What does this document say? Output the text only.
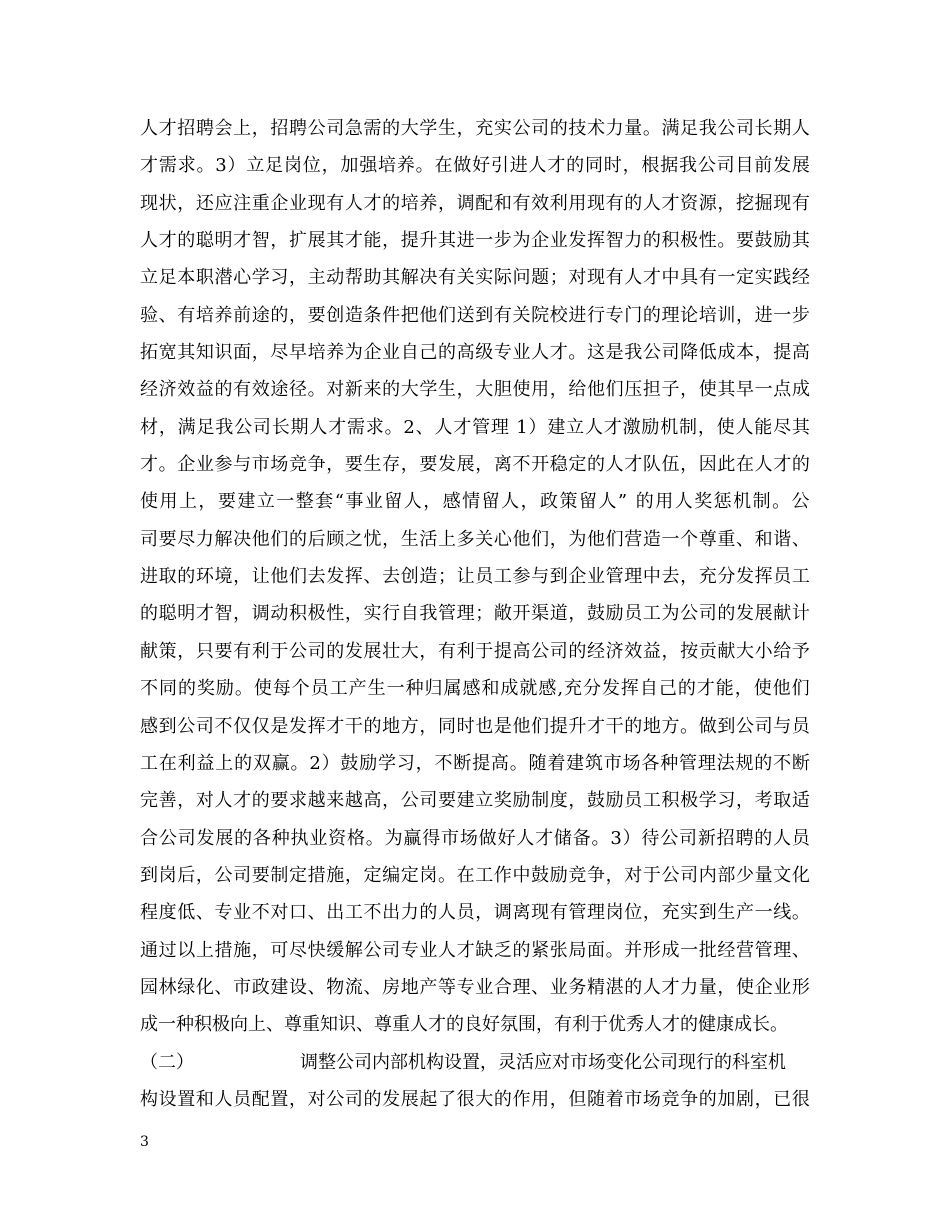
人 才 招 聘 会 上 ， 招 聘 公 司 急 需 的 大 学 生 ， 充 实 公 司 的 技 术 力 量 。 满 足 我 公 司 长 期 人
才 需 求 。 3 ） 立 足 岗 位 ， 加 强 培 养 。 在 做 好 引 进 人 才 的 同 时 ， 根 据 我 公 司 目 前 发 展
现 状 ， 还 应 注 重 企 业 现 有 人 才 的 培 养 ， 调 配 和 有 效 利 用 现 有 的 人 才 资 源 ， 挖 掘 现 有
人 才 的 聪 明 才 智 ， 扩 展 其 才 能 ， 提 升 其 进 一 步 为 企 业 发 挥 智 力 的 积 极 性 。 要 鼓 励 其
立 足 本 职 潜 心 学 习 ， 主 动 帮 助 其 解 决 有 关 实 际 问 题 ； 对 现 有 人 才 中 具 有 一 定 实 践 经
验 、 有 培 养 前 途 的 ， 要 创 造 条 件 把 他 们 送 到 有 关 院 校 进 行 专 门 的 理 论 培 训 ， 进 一 步
拓 宽 其 知 识 面 ， 尽 早 培 养 为 企 业 自 己 的 高 级 专 业 人 才 。 这 是 我 公 司 降 低 成 本 ， 提 高
经 济 效 益 的 有 效 途 径 。 对 新 来 的 大 学 生 ， 大 胆 使 用 ， 给 他 们 压 担 子 ， 使 其 早 一 点 成
材 ， 满 足 我 公 司 长 期 人 才 需 求 。 2 、 人 才 管 理
1 ） 建 立 人 才 激 励 机 制 ， 使 人 能 尽 其
才 。 企 业 参 与 市 场 竞 争 ， 要 生 存 ， 要 发 展 ， 离 不 开 稳 定 的 人 才 队 伍 ， 因 此 在 人 才 的
使 用 上 ， 要 建 立 一 整 套 “ 事 业 留 人 ， 感 情 留 人 ， 政 策 留 人 ”
的 用 人 奖 惩 机 制 。 公
司 要 尽 力 解 决 他 们 的 后 顾 之 忧 ， 生 活 上 多 关 心 他 们 ， 为 他 们 营 造 一 个 尊 重 、 和 谐 、
进 取 的 环 境 ， 让 他 们 去 发 挥 、 去 创 造 ； 让 员 工 参 与 到 企 业 管 理 中 去 ， 充 分 发 挥 员 工
的 聪 明 才 智 ， 调 动 积 极 性 ， 实 行 自 我 管 理 ； 敞 开 渠 道 ， 鼓 励 员 工 为 公 司 的 发 展 献 计
献 策 ， 只 要 有 利 于 公 司 的 发 展 壮 大 ， 有 利 于 提 高 公 司 的 经 济 效 益 ， 按 贡 献 大 小 给 予
不 同 的 奖 励 。 使 每 个 员 工 产 生 一 种 归 属 感 和 成 就 感 , 充 分 发 挥 自 己 的 才 能 ， 使 他 们
感 到 公 司 不 仅 仅 是 发 挥 才 干 的 地 方 ， 同 时 也 是 他 们 提 升 才 干 的 地 方 。 做 到 公 司 与 员
工 在 利 益 上 的 双 赢 。 2 ） 鼓 励 学 习 ， 不 断 提 高 。 随 着 建 筑 市 场 各 种 管 理 法 规 的 不 断
完 善 ， 对 人 才 的 要 求 越 来 越 高 ， 公 司 要 建 立 奖 励 制 度 ， 鼓 励 员 工 积 极 学 习 ， 考 取 适
合 公 司 发 展 的 各 种 执 业 资 格 。 为 赢 得 市 场 做 好 人 才 储 备 。 3 ） 待 公 司 新 招 聘 的 人 员
到 岗 后 ， 公 司 要 制 定 措 施 ， 定 编 定 岗 。 在 工 作 中 鼓 励 竞 争 ， 对 于 公 司 内 部 少 量 文 化
程 度 低 、 专 业 不 对 口 、 出 工 不 出 力 的 人 员 ， 调 离 现 有 管 理 岗 位 ， 充 实 到 生 产 一 线 。
通 过 以 上 措 施 ， 可 尽 快 缓 解 公 司 专 业 人 才 缺 乏 的 紧 张 局 面 。 并 形 成 一 批 经 营 管 理 、
园 林 绿 化 、 市 政 建 设 、 物 流 、 房 地 产 等 专 业 合 理 、 业 务 精 湛 的 人 才 力 量 ， 使 企 业 形
成一种积极向上、尊重知识、尊重人才的良好氛围，有利于优秀人才的健康成长。
（二）	调整公司内部机构设置，灵活应对市场变化公司现行的科室机
构 设 置 和 人 员 配 置 ， 对 公 司 的 发 展 起 了 很 大 的 作 用 ， 但 随 着 市 场 竞 争 的 加 剧 ， 已 很
3
